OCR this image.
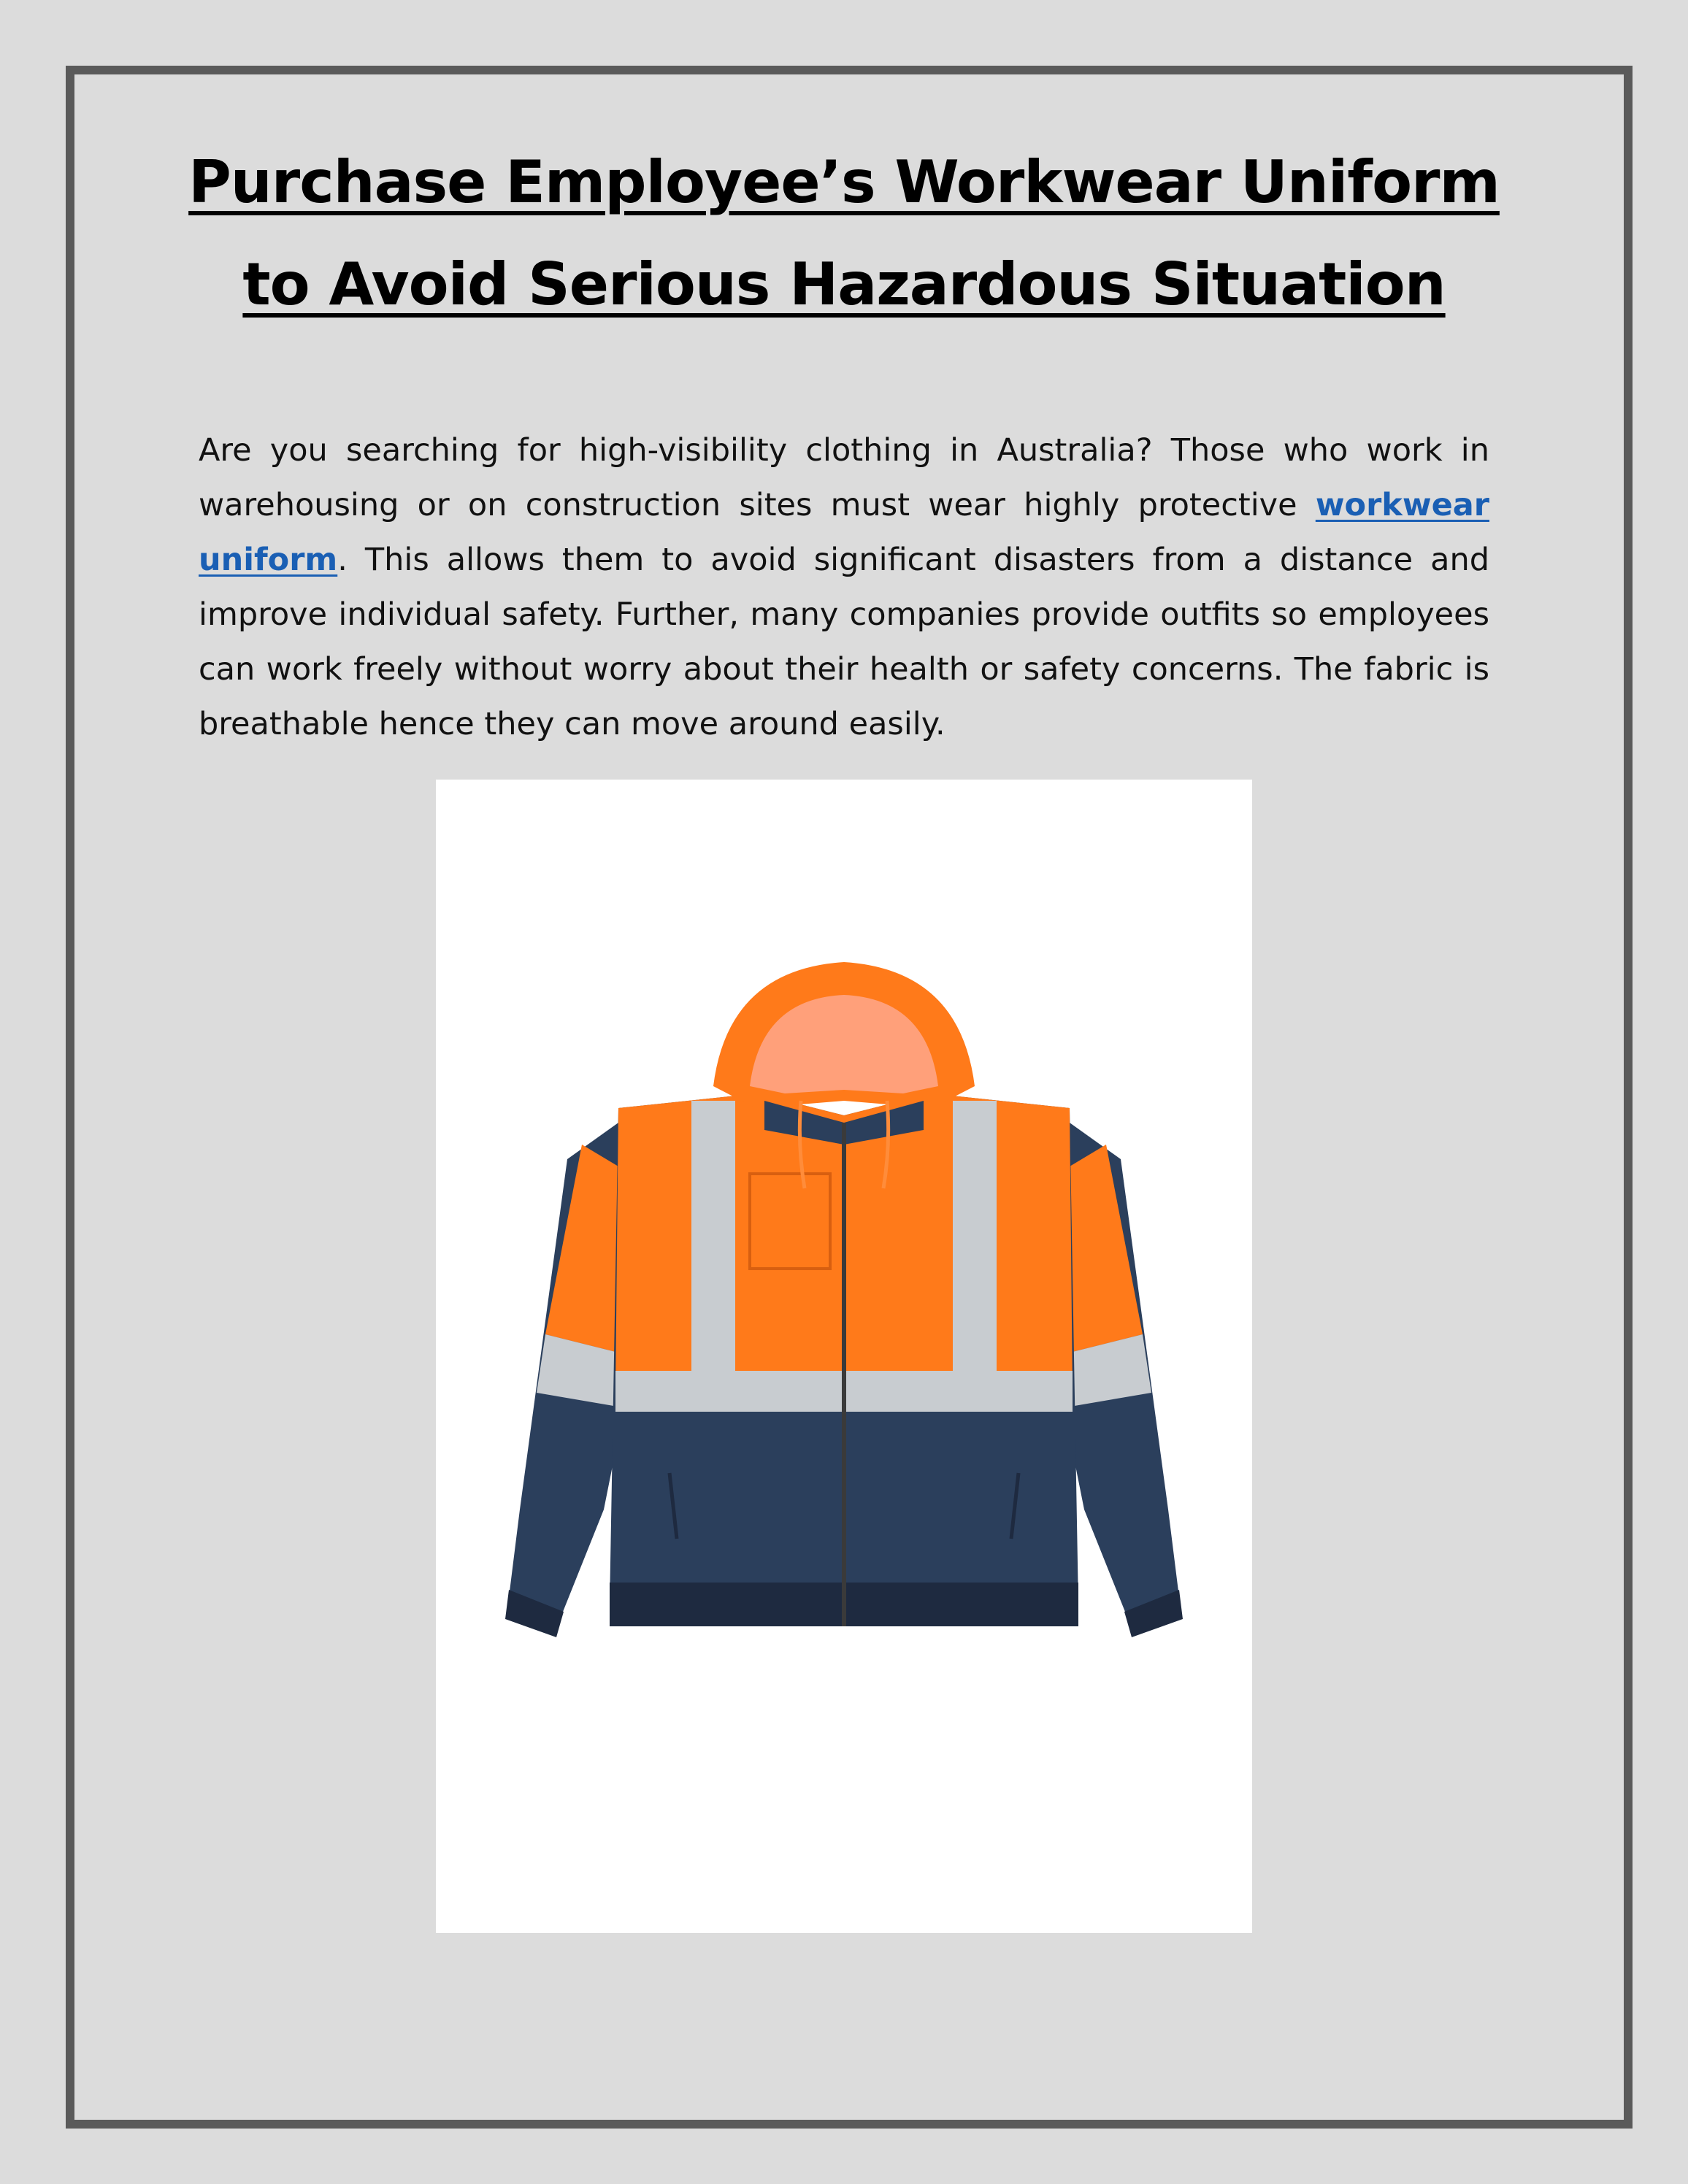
Purchase Employee’s Workwear Uniform
to Avoid Serious Hazardous Situation

Are you searching for high-visibility clothing in Australia? Those who work in warehousing or on construction sites must wear highly protective workwear uniform. This allows them to avoid significant disasters from a distance and improve individual safety. Further, many companies provide outfits so employees can work freely without worry about their health or safety concerns. The fabric is breathable hence they can move around easily.
